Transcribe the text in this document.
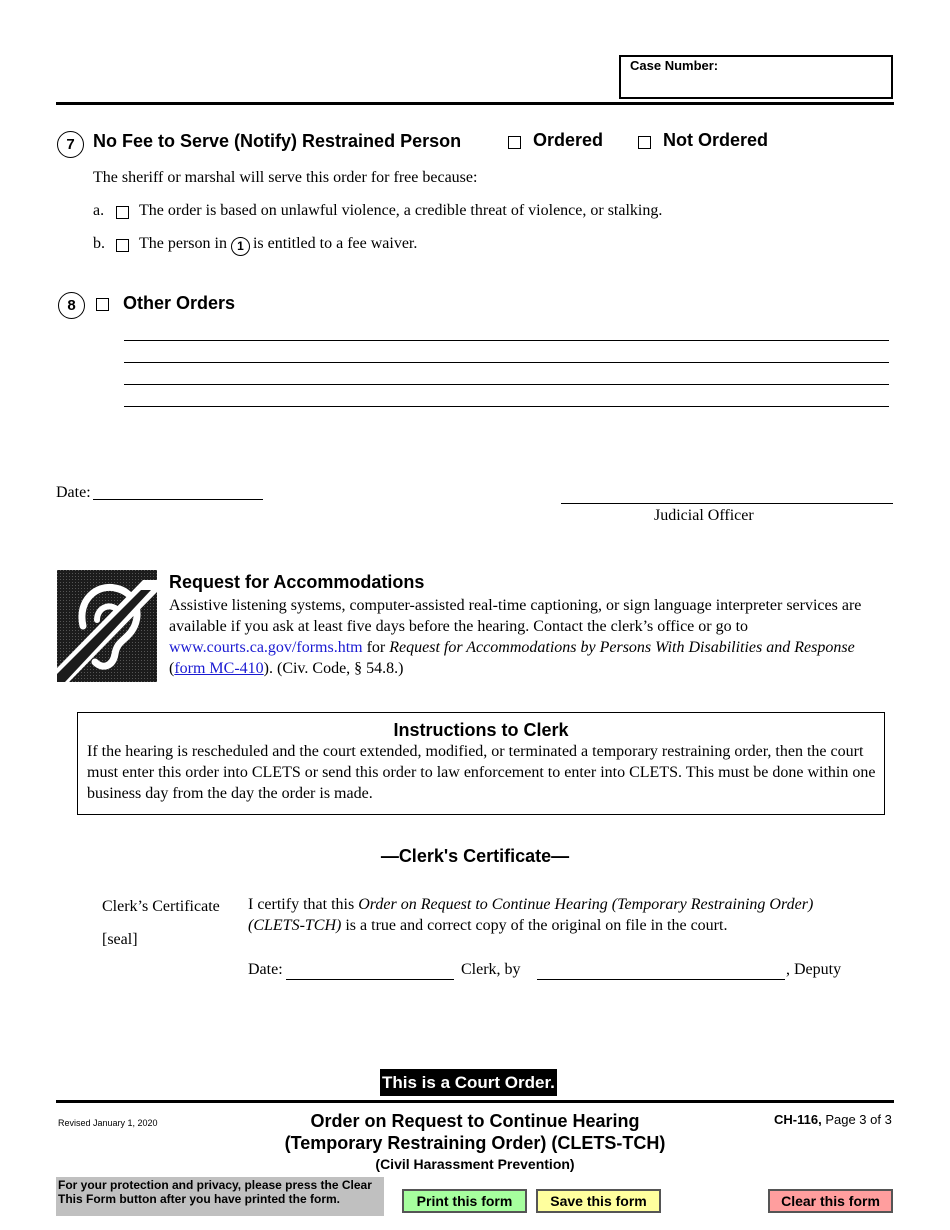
Case Number:
7	No Fee to Serve (Notify) Restrained Person	Ordered	Not Ordered
The sheriff or marshal will serve this order for free because:
a. The order is based on unlawful violence, a credible threat of violence, or stalking.
b. The person in 1 is entitled to a fee waiver.
8	Other Orders
Date:
Judicial Officer
Request for Accommodations
Assistive listening systems, computer-assisted real-time captioning, or sign language interpreter services are available if you ask at least five days before the hearing. Contact the clerk’s office or go to www.courts.ca.gov/forms.htm for Request for Accommodations by Persons With Disabilities and Response (form MC-410). (Civ. Code, § 54.8.)
Instructions to Clerk
If the hearing is rescheduled and the court extended, modified, or terminated a temporary restraining order, then the court must enter this order into CLETS or send this order to law enforcement to enter into CLETS. This must be done within one business day from the day the order is made.
—Clerk's Certificate—
Clerk’s Certificate
[seal]
I certify that this Order on Request to Continue Hearing (Temporary Restraining Order) (CLETS-TCH) is a true and correct copy of the original on file in the court.
Date:	Clerk, by	, Deputy
This is a Court Order.
Revised January 1, 2020	Order on Request to Continue Hearing
(Temporary Restraining Order) (CLETS-TCH)
(Civil Harassment Prevention)
CH-116, Page 3 of 3
For your protection and privacy, please press the Clear This Form button after you have printed the form.	Print this form	Save this form	Clear this form
